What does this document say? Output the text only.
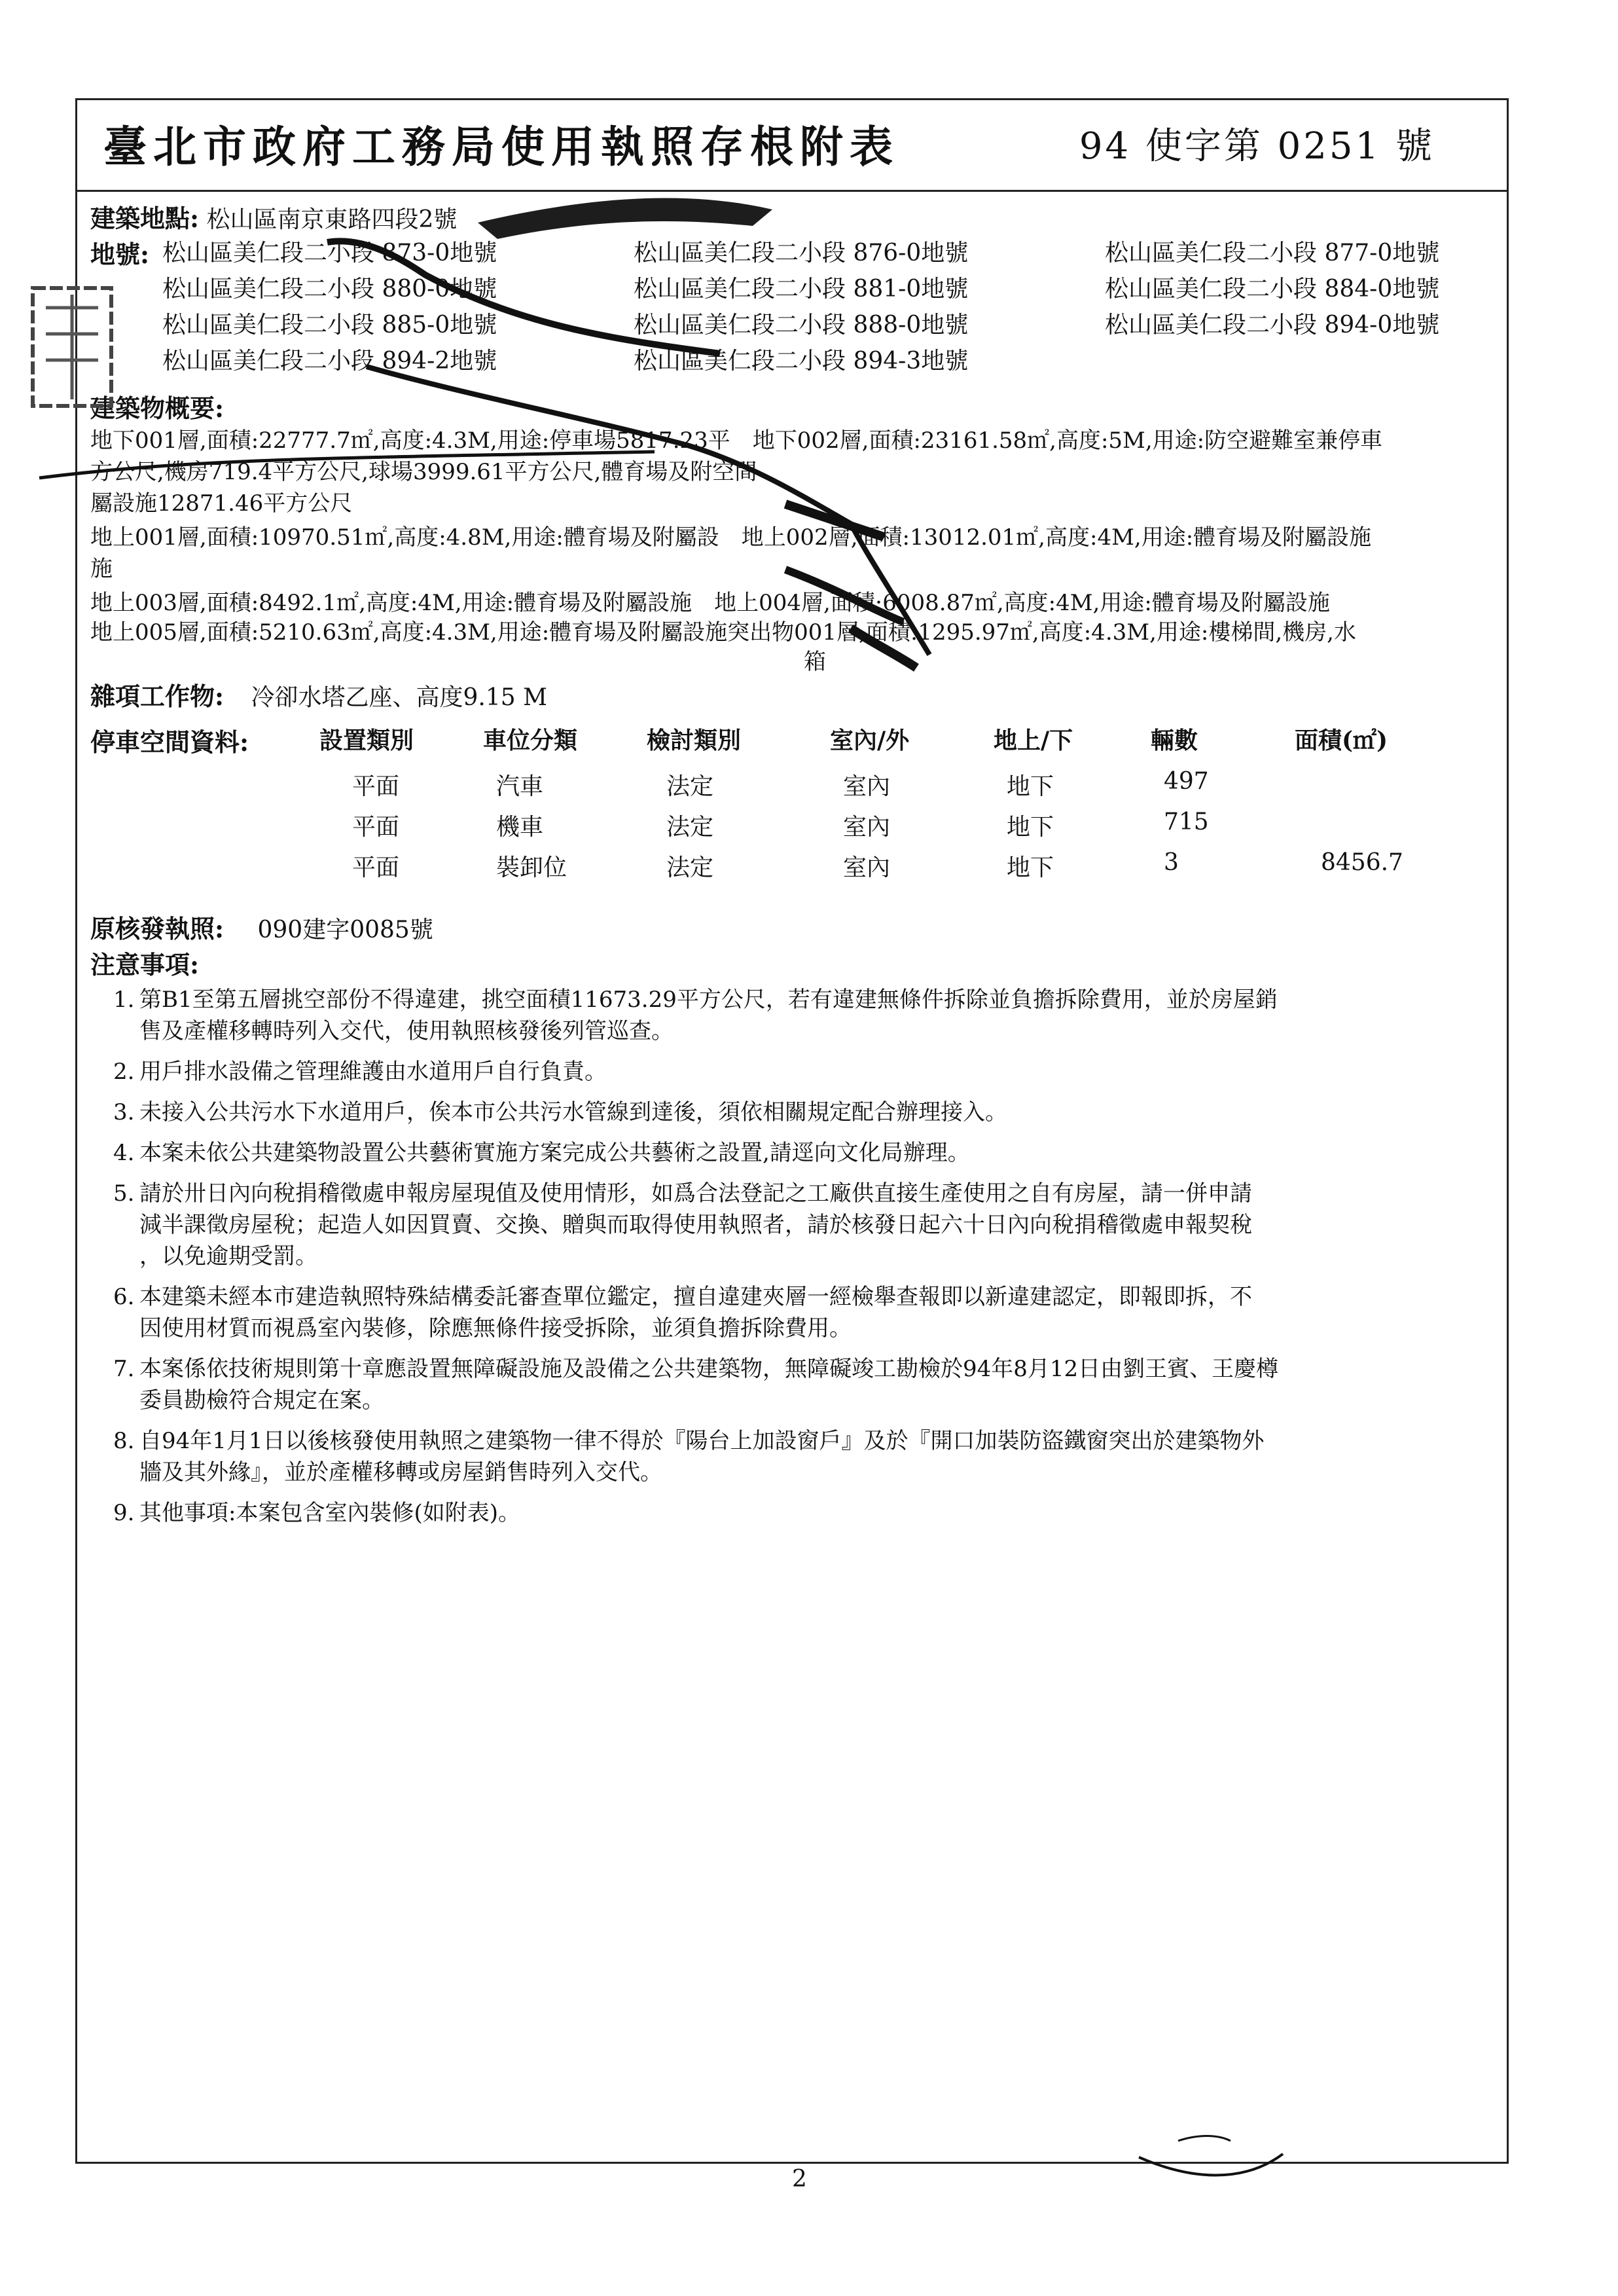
臺北市政府工務局使用執照存根附表	94 使字第 0251 號
建築地點: 松山區南京東路四段2號
地號: 松山區美仁段二小段 873-0地號	松山區美仁段二小段 876-0地號	松山區美仁段二小段 877-0地號
松山區美仁段二小段 880-0地號	松山區美仁段二小段 881-0地號	松山區美仁段二小段 884-0地號
松山區美仁段二小段 885-0地號	松山區美仁段二小段 888-0地號	松山區美仁段二小段 894-0地號
松山區美仁段二小段 894-2地號	松山區美仁段二小段 894-3地號
建築物概要:
地下001層,面積:22777.7㎡,高度:4.3M,用途:停車場5817.23平　地下002層,面積:23161.58㎡,高度:5M,用途:防空避難室兼停車
方公尺,機房719.4平方公尺,球場3999.61平方公尺,體育場及附空間
屬設施12871.46平方公尺
地上001層,面積:10970.51㎡,高度:4.8M,用途:體育場及附屬設　地上002層,面積:13012.01㎡,高度:4M,用途:體育場及附屬設施
施
地上003層,面積:8492.1㎡,高度:4M,用途:體育場及附屬設施　地上004層,面積:6008.87㎡,高度:4M,用途:體育場及附屬設施
地上005層,面積:5210.63㎡,高度:4.3M,用途:體育場及附屬設施突出物001層,面積:1295.97㎡,高度:4.3M,用途:樓梯間,機房,水
箱
雜項工作物: 冷卻水塔乙座、高度9.15 M
停車空間資料:	設置類別	車位分類	檢討類別	室內/外	地上/下	輛數	面積(㎡)
平面	汽車	法定	室內	地下	497
平面	機車	法定	室內	地下	715
平面	裝卸位	法定	室內	地下	3	8456.7
原核發執照: 090建字0085號
注意事項:
1. 第B1至第五層挑空部份不得違建，挑空面積11673.29平方公尺，若有違建無條件拆除並負擔拆除費用，並於房屋銷
售及產權移轉時列入交代，使用執照核發後列管巡查。
2. 用戶排水設備之管理維護由水道用戶自行負責。
3. 未接入公共污水下水道用戶，俟本市公共污水管線到達後，須依相關規定配合辦理接入。
4. 本案未依公共建築物設置公共藝術實施方案完成公共藝術之設置,請逕向文化局辦理。
5. 請於卅日內向稅捐稽徵處申報房屋現值及使用情形，如爲合法登記之工廠供直接生產使用之自有房屋，請一併申請
減半課徵房屋稅；起造人如因買賣、交換、贈與而取得使用執照者，請於核發日起六十日內向稅捐稽徵處申報契稅
，以免逾期受罰。
6. 本建築未經本市建造執照特殊結構委託審查單位鑑定，擅自違建夾層一經檢舉查報即以新違建認定，即報即拆，不
因使用材質而視爲室內裝修，除應無條件接受拆除，並須負擔拆除費用。
7. 本案係依技術規則第十章應設置無障礙設施及設備之公共建築物，無障礙竣工勘檢於94年8月12日由劉王賓、王慶樽
委員勘檢符合規定在案。
8. 自94年1月1日以後核發使用執照之建築物一律不得於『陽台上加設窗戶』及於『開口加裝防盜鐵窗突出於建築物外
牆及其外緣』，並於產權移轉或房屋銷售時列入交代。
9. 其他事項:本案包含室內裝修(如附表)。
2
